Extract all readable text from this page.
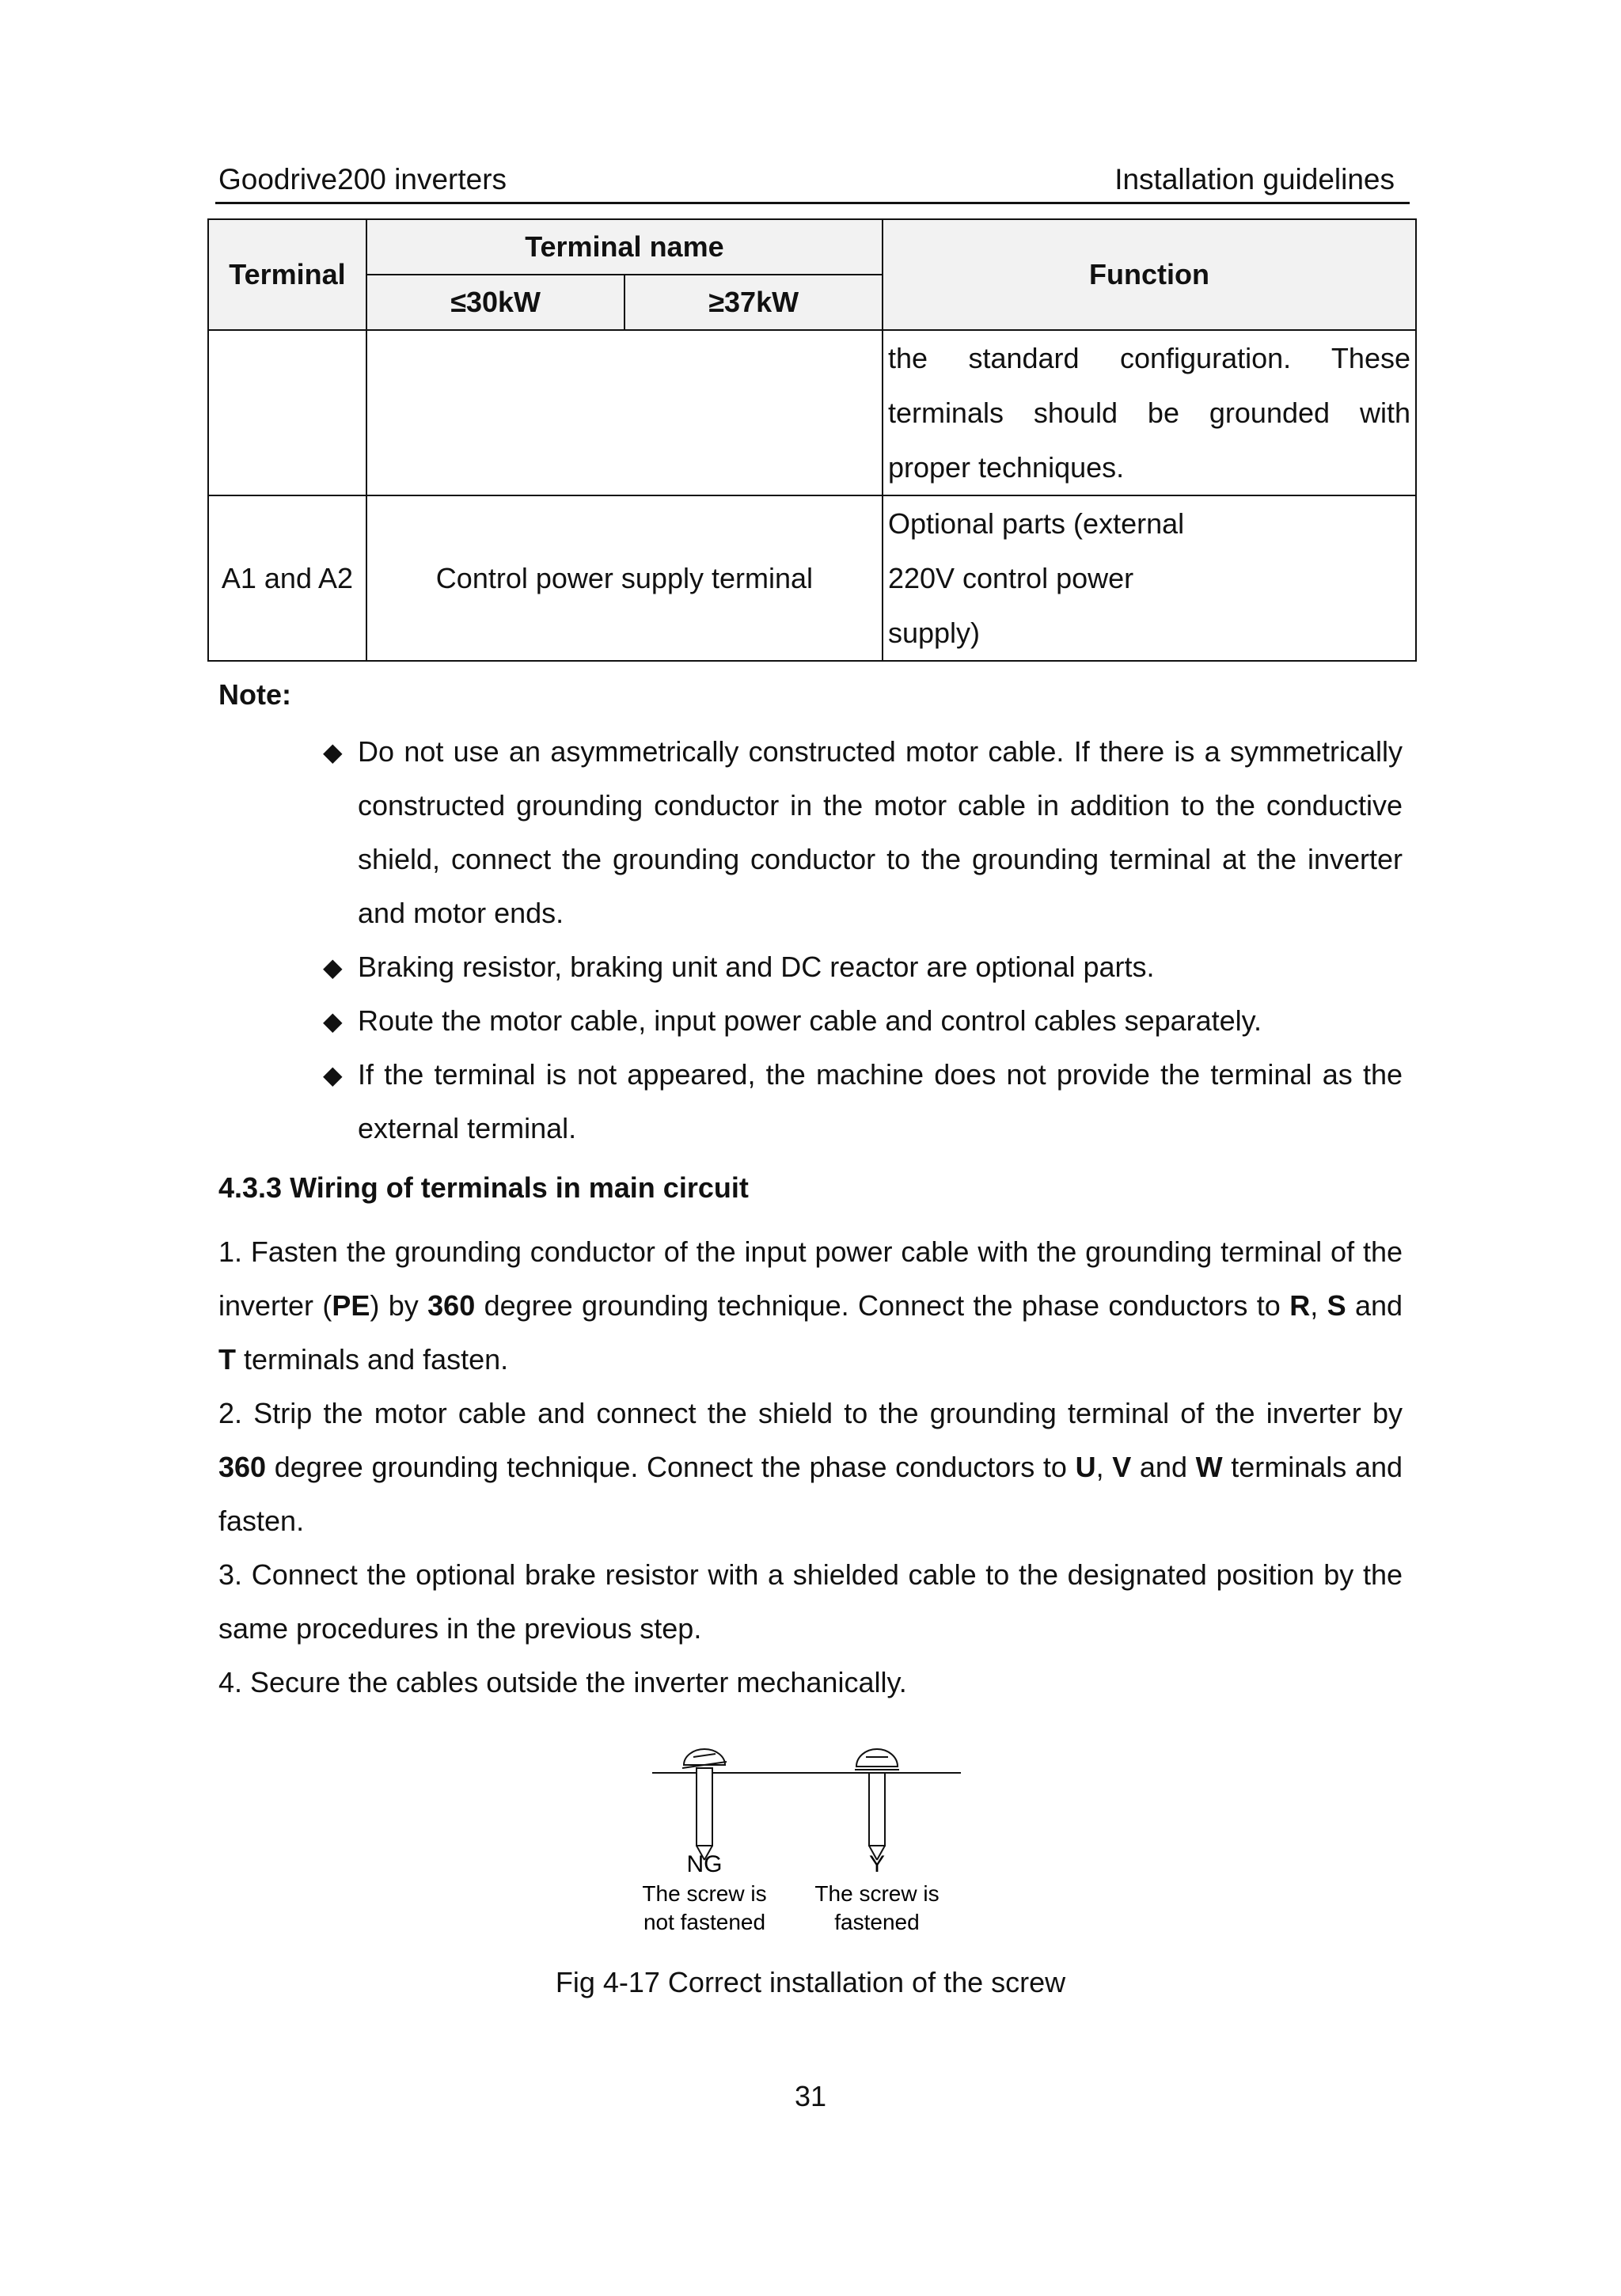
Goodrive200 inverters	Installation guidelines
Terminal	Terminal name		Function
	≤30kW	≥37kW	

			the standard configuration. These
terminals should be grounded with
proper techniques.

A1 and A2	Control power supply terminal		Optional parts (external
220V control power
supply)
Note:
◆ Do not use an asymmetrically constructed motor cable. If there is a symmetrically constructed grounding conductor in the motor cable in addition to the conductive shield, connect the grounding conductor to the grounding terminal at the inverter and motor ends.
◆ Braking resistor, braking unit and DC reactor are optional parts.
◆ Route the motor cable, input power cable and control cables separately.
◆ If the terminal is not appeared, the machine does not provide the terminal as the external terminal.
4.3.3 Wiring of terminals in main circuit

1. Fasten the grounding conductor of the input power cable with the grounding terminal of the inverter (PE) by 360 degree grounding technique. Connect the phase conductors to R, S and T terminals and fasten.

2. Strip the motor cable and connect the shield to the grounding terminal of the inverter by 360 degree grounding technique. Connect the phase conductors to U, V and W terminals and fasten.

3. Connect the optional brake resistor with a shielded cable to the designated position by the same procedures in the previous step.

4. Secure the cables outside the inverter mechanically.

NG	Y
The screw is
not fastened
The screw is
fastened
Fig 4-17 Correct installation of the screw
31
